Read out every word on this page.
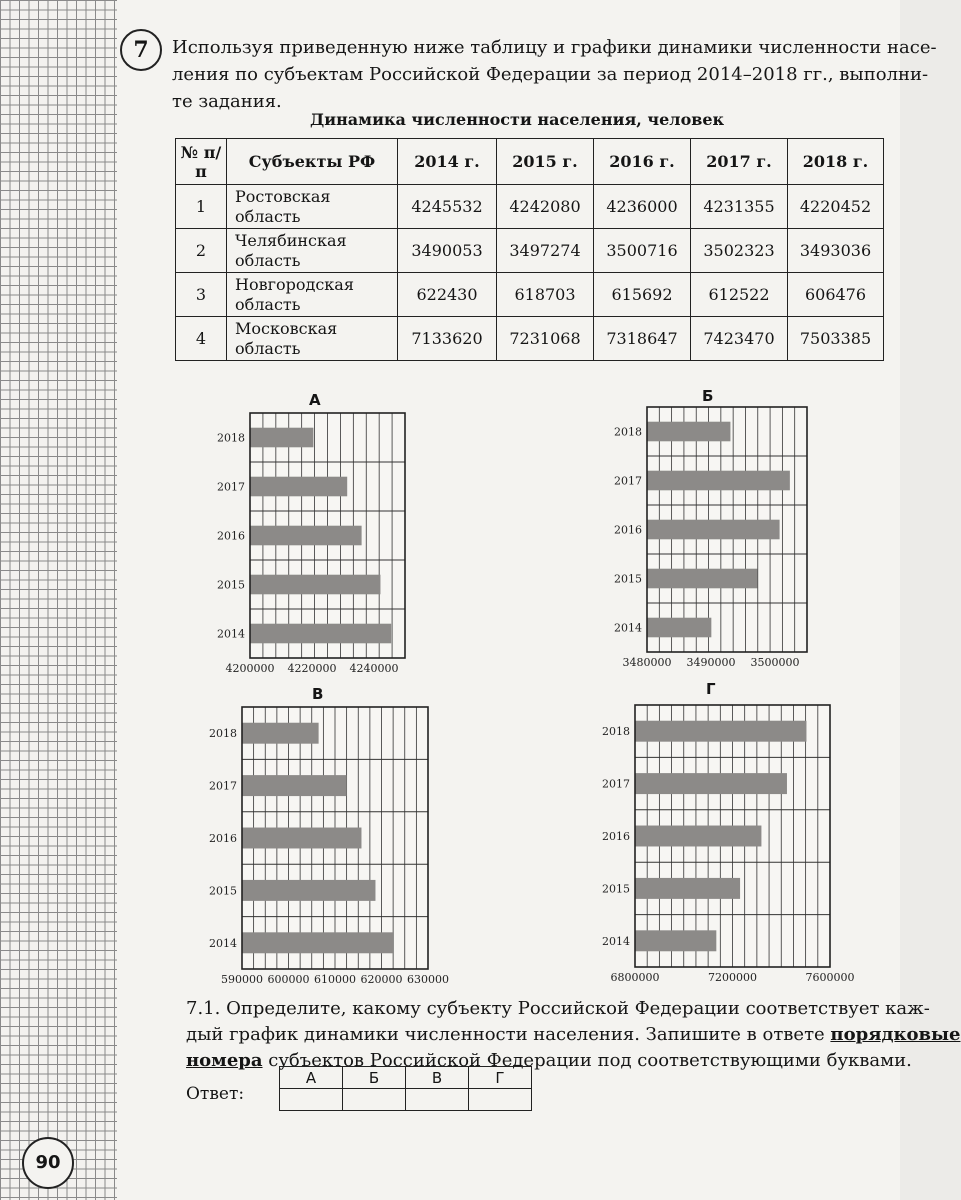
7	Используя приведенную ниже таблицу и графики динамики численности насе-
ления по субъектам Российской Федерации за период 2014–2018 гг., выполни-
те задания.
Динамика численности населения, человек
№ п/п	Субъекты РФ	2014 г.	2015 г.	2016 г.	2017 г.	2018 г.
1	Ростовская
область	4245532	4242080	4236000	4231355	4220452
2	Челябинская
область	3490053	3497274	3500716	3502323	3493036
3	Новгородская
область	622430	618703	615692	612522	606476
4	Московская
область	7133620	7231068	7318647	7423470	7503385
А
2018
2017
2016
2015
2014
4200000 4220000 4240000
Б
2018
2017
2016
2015
2014
3480000 3490000 3500000
В
2018
2017
2016
2015
2014
590000 600000 610000 620000 630000
Г
2018
2017
2016
2015
2014
6800000	7200000	7600000
7.1. Определите, какому субъекту Российской Федерации соответствует каж-
дый график динамики численности населения. Запишите в ответе порядковые
номера субъектов Российской Федерации под соответствующими буквами.
Ответ:
А	Б	В	Г

90
